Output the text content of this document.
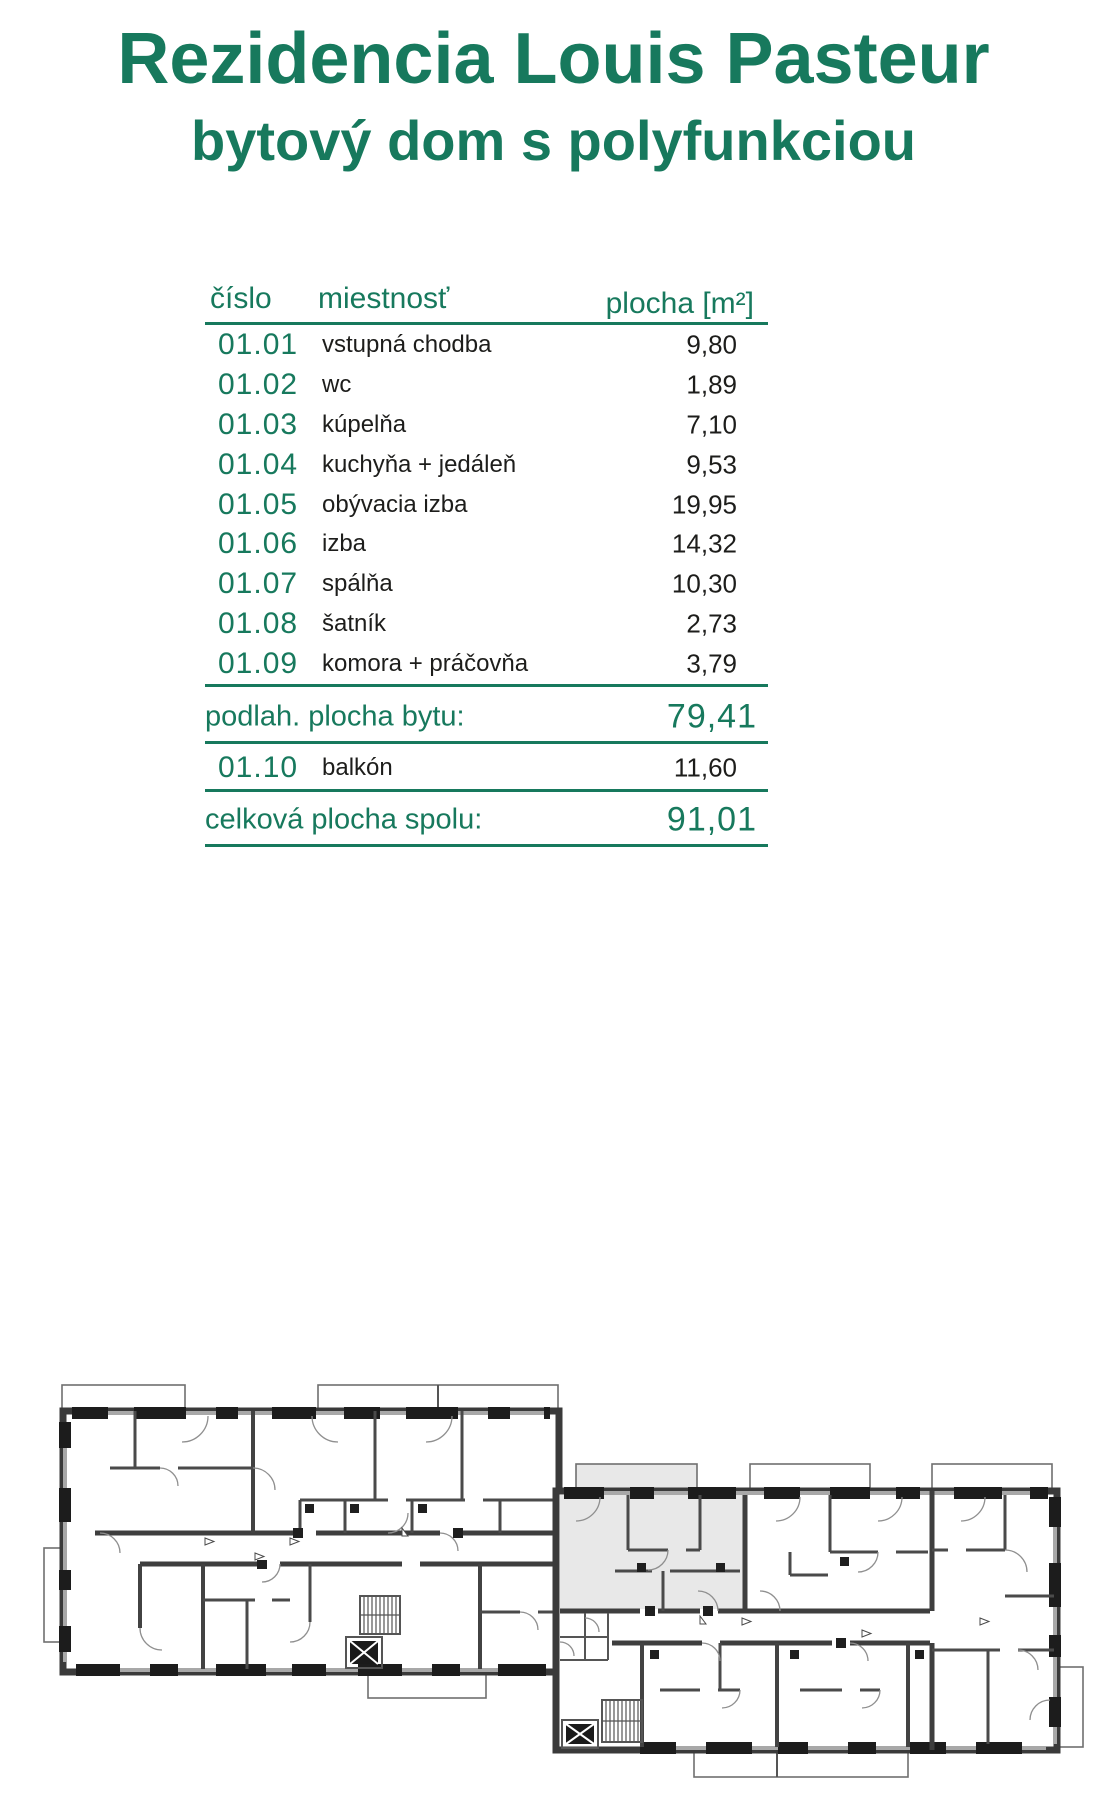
Rezidencia Louis Pasteur
bytový dom s polyfunkciou
číslo miestnosť	plocha [m²]
01.01 vstupná chodba	9,80
01.02 wc	1,89
01.03 kúpelňa	7,10
01.04 kuchyňa + jedáleň	9,53
01.05 obývacia izba	19,95
01.06 izba	14,32
01.07 spálňa	10,30
01.08 šatník	2,73
01.09 komora + práčovňa	3,79
podlah. plocha bytu:	79,41
01.10 balkón	11,60
celková plocha spolu:	91,01
